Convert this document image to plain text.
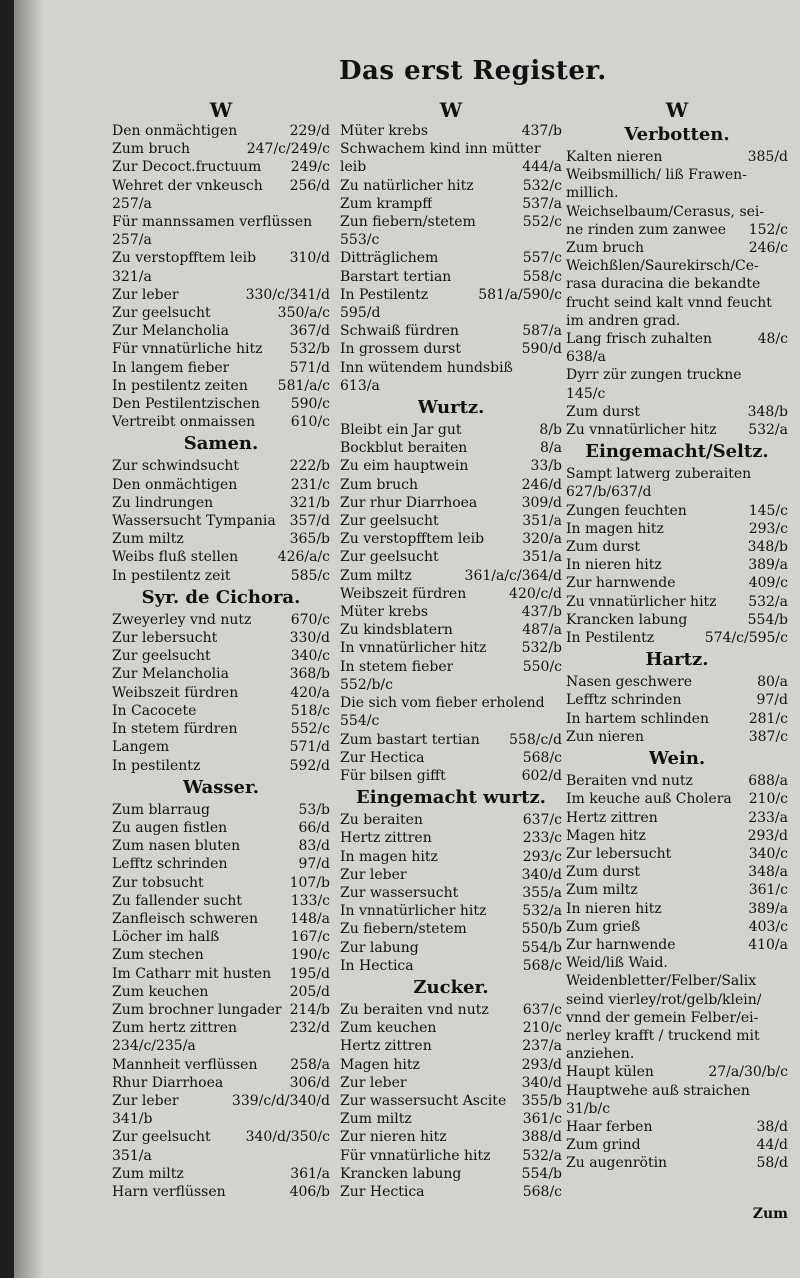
Das erst Register.
W
Den onmächtigen	229/d
Zum bruch	247/c/249/c
Zur Decoct.fructuum 249/c
Wehret der vnkeusch 256/d
257/a
Für mannssamen verflüssen
257/a
Zu verstopfftem leib 310/d
321/a
Zur leber	330/c/341/d
Zur geelsucht	350/a/c
Zur Melancholia	367/d
Für vnnatürliche hitz 532/b
In langem fieber	571/d
In pestilentz zeiten 581/a/c
Den Pestilentzischen 590/c
Vertreibt onmaissen	610/c
Samen.
Zur schwindsucht	222/b
Den onmächtigen	231/c
Zu lindrungen	321/b
Wassersucht Tympania 357/d
Zum miltz	365/b
Weibs fluß stellen	426/a/c
In pestilentz zeit	585/c
Syr. de Cichora.
Zweyerley vnd nutz	670/c
Zur lebersucht	330/d
Zur geelsucht	340/c
Zur Melancholia	368/b
Weibszeit fürdren	420/a
In Cacocete	518/c
In stetem fürdren	552/c
Langem	571/d
In pestilentz	592/d
Wasser.
Zum blarraug	53/b
Zu augen fistlen	66/d
Zum nasen bluten	83/d
Lefftz schrinden	97/d
Zur tobsucht	107/b
Zu fallender sucht	133/c
Zanfleisch schweren 148/a
Löcher im halß	167/c
Zum stechen	190/c
Im Catharr mit husten 195/d
Zum keuchen	205/d
Zum brochner lungader 214/b
Zum hertz zittren	232/d
234/c/235/a
Mannheit verflüssen 258/a
Rhur Diarrhoea	306/d
Zur leber	339/c/d/340/d
341/b
Zur geelsucht	340/d/350/c
351/a
Zum miltz	361/a
Harn verflüssen	406/b
W
Müter krebs	437/b
Schwachem kind inn mütter
leib	444/a
Zu natürlicher hitz	532/c
Zum krampff	537/a
Zun fiebern/stetem	552/c
553/c
Ditträglichem	557/c
Barstart tertian	558/c
In Pestilentz	581/a/590/c
595/d
Schwaiß fürdren	587/a
In grossem durst	590/d
Inn wütendem hundsbiß
613/a
Wurtz.
Bleibt ein Jar gut	8/b
Bockblut beraiten	8/a
Zu eim hauptwein	33/b
Zum bruch	246/d
Zur rhur Diarrhoea	309/d
Zur geelsucht	351/a
Zu verstopfftem leib	320/a
Zur geelsucht	351/a
Zum miltz	361/a/c/364/d
Weibszeit fürdren	420/c/d
Müter krebs	437/b
Zu kindsblatern	487/a
In vnnatürlicher hitz	532/b
In stetem fieber	550/c
552/b/c
Die sich vom fieber erholend
554/c
Zum bastart tertian 558/c/d
Zur Hectica	568/c
Für bilsen gifft	602/d
Eingemacht wurtz.
Zu beraiten	637/c
Hertz zittren	233/c
In magen hitz	293/c
Zur leber	340/d
Zur wassersucht	355/a
In vnnatürlicher hitz	532/a
Zu fiebern/stetem	550/b
Zur labung	554/b
In Hectica	568/c
Zucker.
Zu beraiten vnd nutz 637/c
Zum keuchen	210/c
Hertz zittren	237/a
Magen hitz	293/d
Zur leber	340/d
Zur wassersucht Ascite 355/b
Zum miltz	361/c
Zur nieren hitz	388/d
Für vnnatürliche hitz 532/a
Krancken labung	554/b
Zur Hectica	568/c
W
Verbotten.
Kalten nieren	385/d
Weibsmillich/ liß Frawen-
millich.
Weichselbaum/Cerasus, sei-
ne rinden zum zanwee 152/c
Zum bruch	246/c
Weichßlen/Saurekirsch/Ce-
rasa duracina die bekandte
frucht seind kalt vnnd feucht
im andren grad.
Lang frisch zuhalten	48/c
638/a
Dyrr zür zungen truckne
145/c
Zum durst	348/b
Zu vnnatürlicher hitz 532/a
Eingemacht/Seltz.
Sampt latwerg zuberaiten
627/b/637/d
Zungen feuchten	145/c
In magen hitz	293/c
Zum durst	348/b
In nieren hitz	389/a
Zur harnwende	409/c
Zu vnnatürlicher hitz 532/a
Krancken labung	554/b
In Pestilentz	574/c/595/c
Hartz.
Nasen geschwere	80/a
Lefftz schrinden	97/d
In hartem schlinden	281/c
Zun nieren	387/c
Wein.
Beraiten vnd nutz	688/a
Im keuche auß Cholera 210/c
Hertz zittren	233/a
Magen hitz	293/d
Zur lebersucht	340/c
Zum durst	348/a
Zum miltz	361/c
In nieren hitz	389/a
Zum grieß	403/c
Zur harnwende	410/a
Weid/liß Waid.
Weidenbletter/Felber/Salix
seind vierley/rot/gelb/klein/
vnnd der gemein Felber/ei-
nerley krafft / truckend mit
anziehen.
Haupt külen	27/a/30/b/c
Hauptwehe auß straichen
31/b/c
Haar ferben	38/d
Zum grind	44/d
Zu augenrötin	58/d
Zum
